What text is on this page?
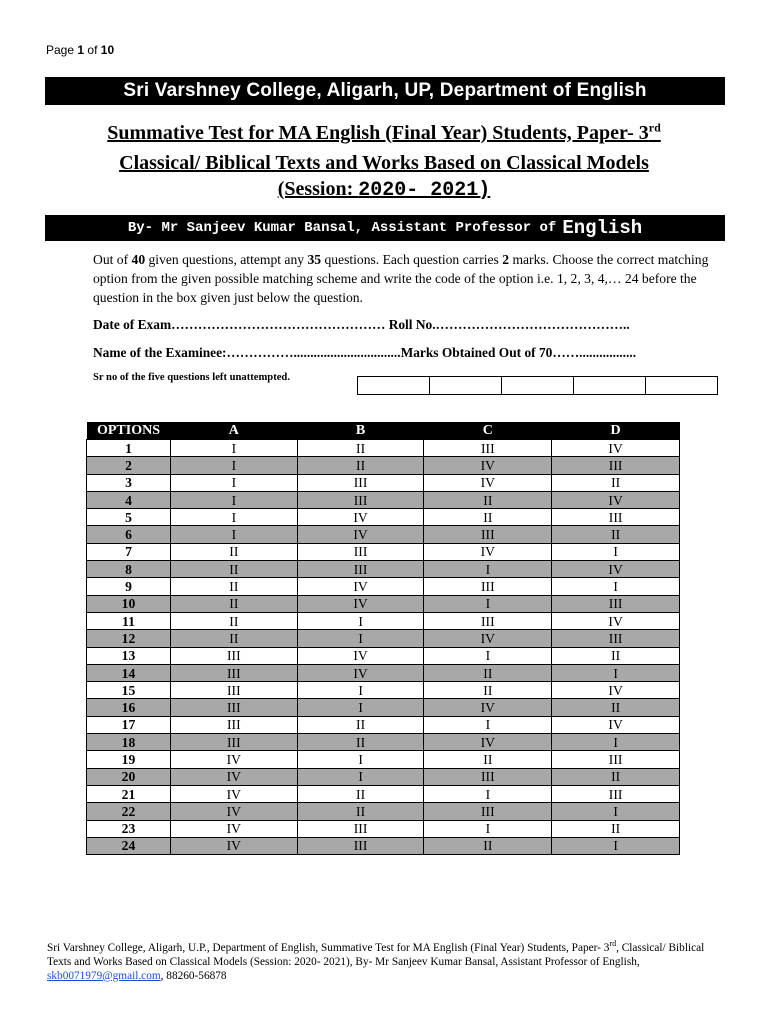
Page 1 of 10
Sri Varshney College, Aligarh, UP, Department of English
Summative Test for MA English (Final Year) Students, Paper- 3rd
Classical/ Biblical Texts and Works Based on Classical Models
(Session: 2020- 2021)
By- Mr Sanjeev Kumar Bansal, Assistant Professor of English
Out of 40 given questions, attempt any 35 questions. Each question carries 2 marks. Choose the correct matching option from the given possible matching scheme and write the code of the option i.e. 1, 2, 3, 4,… 24 before the question in the box given just below the question.
Date of Exam………………………………………… Roll No.……………………………………..
Name of the Examinee:……………................................Marks Obtained Out of 70…….................
Sr no of the five questions left unattempted.
OPTIONS	A	B	C	D
1	I	II	III	IV
2	I	II	IV	III
3	I	III	IV	II
4	I	III	II	IV
5	I	IV	II	III
6	I	IV	III	II
7	II	III	IV	I
8	II	III	I	IV
9	II	IV	III	I
10	II	IV	I	III
11	II	I	III	IV
12	II	I	IV	III
13	III	IV	I	II
14	III	IV	II	I
15	III	I	II	IV
16	III	I	IV	II
17	III	II	I	IV
18	III	II	IV	I
19	IV	I	II	III
20	IV	I	III	II
21	IV	II	I	III
22	IV	II	III	I
23	IV	III	I	II
24	IV	III	II	I
Sri Varshney College, Aligarh, U.P., Department of English, Summative Test for MA English (Final Year) Students, Paper- 3rd, Classical/ Biblical Texts and Works Based on Classical Models (Session: 2020- 2021), By- Mr Sanjeev Kumar Bansal, Assistant Professor of English, skb0071979@gmail.com, 88260-56878
